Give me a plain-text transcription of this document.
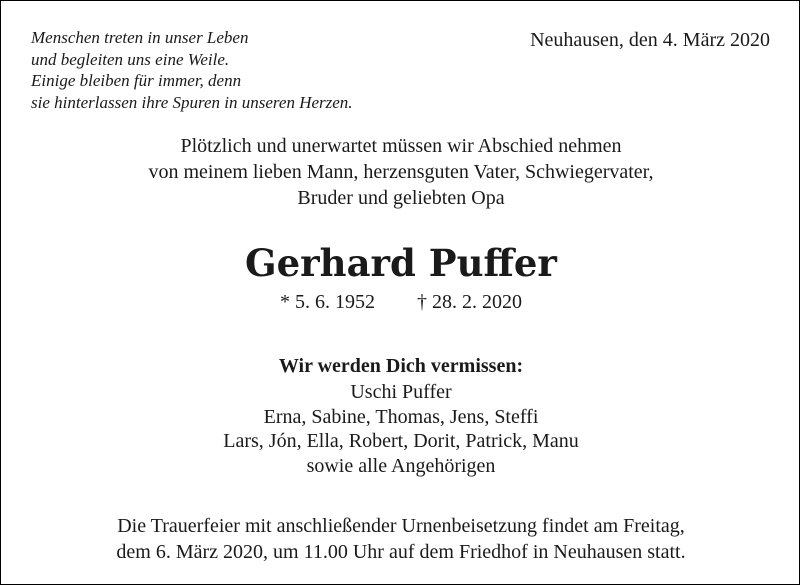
Menschen treten in unser Leben
und begleiten uns eine Weile.
Einige bleiben für immer, denn
sie hinterlassen ihre Spuren in unseren Herzen.
Neuhausen, den 4. März 2020
Plötzlich und unerwartet müssen wir Abschied nehmen
von meinem lieben Mann, herzensguten Vater, Schwiegervater,
Bruder und geliebten Opa
Gerhard Puffer
* 5. 6. 1952 † 28. 2. 2020
Wir werden Dich vermissen:
Uschi Puffer
Erna, Sabine, Thomas, Jens, Steffi
Lars, Jón, Ella, Robert, Dorit, Patrick, Manu
sowie alle Angehörigen
Die Trauerfeier mit anschließender Urnenbeisetzung findet am Freitag,
dem 6. März 2020, um 11.00 Uhr auf dem Friedhof in Neuhausen statt.
